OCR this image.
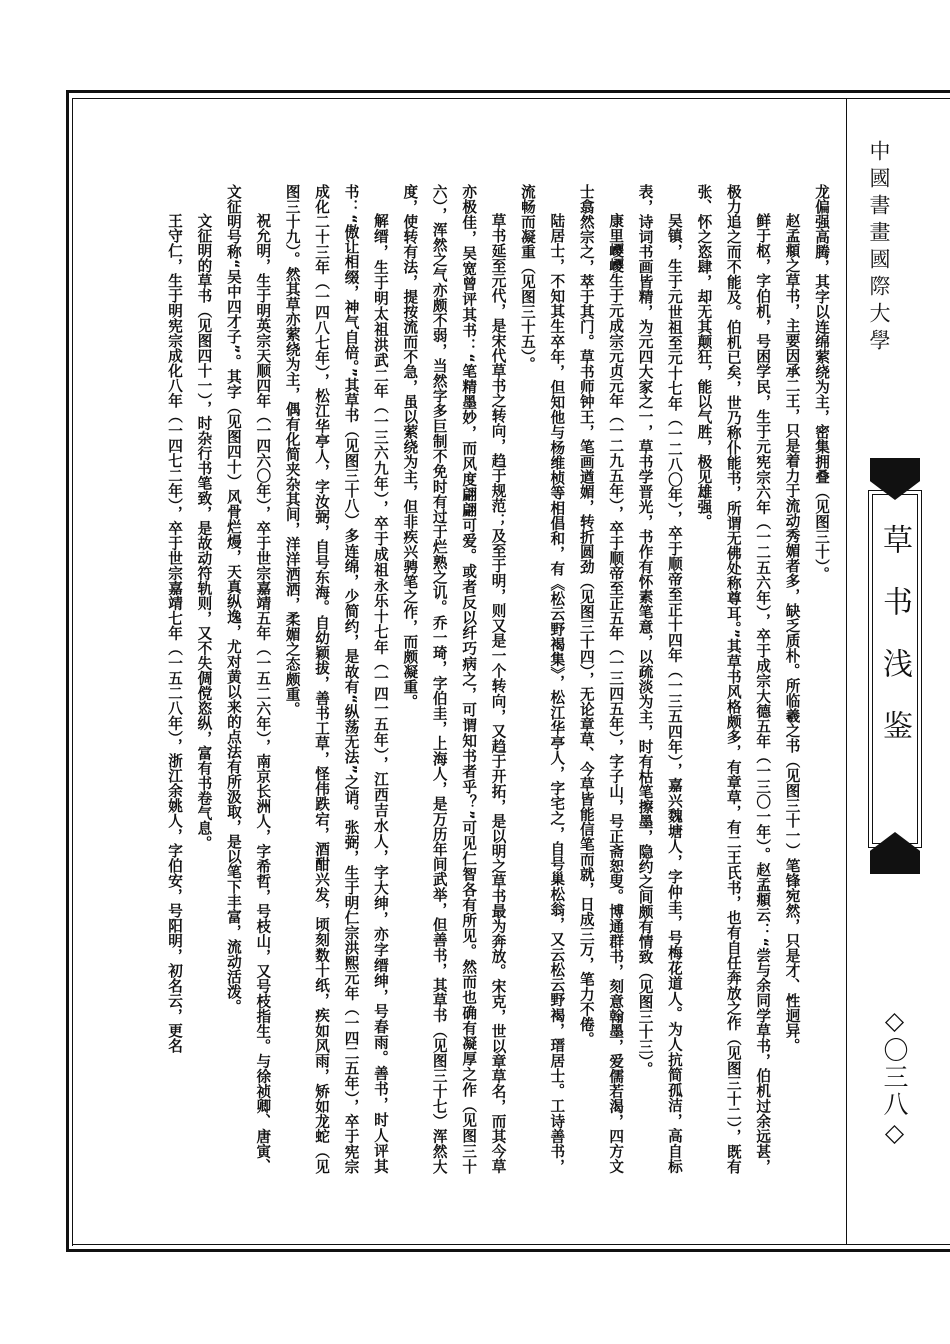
中國書畫國際大學
草书浅鉴
◇〇三八◇

龙偏强高腾，其字以连绵萦绕为主，密集拥叠（见图三十）。

赵孟頫之草书，主要因承二王，只是着力于流动秀媚者多，缺乏质朴。所临羲之书（见图三十一）笔锋宛然，只是才、性迥异。

鲜于枢，字伯机，号困学民，生于元宪宗六年（一二五六年），卒于成宗大德五年（一三〇一年）。赵孟頫云：“尝与余同学草书，伯机过余远甚，极力追之而不能及。伯机已矣，世乃称仆能书，所谓无佛处称尊耳。”其草书风格颇多，有章草，有二王氏书，也有自任奔放之作（见图三十二），既有张、怀之恣肆，却无其颠狂，能以气胜，极见雄强。

吴镇，生于元世祖至元十七年（一二八〇年），卒于顺帝至正十四年（一三五四年），嘉兴魏塘人，字仲圭，号梅花道人。为人抗简孤洁，高自标表，诗词书画皆精，为元四大家之一，草书学晋光，书作有怀素笔意，以疏淡为主，时有枯笔擦墨，隐约之间颇有情致（见图三十三）。

康里巎巎生于元成宗元贞元年（一二九五年），卒于顺帝至正五年（一三四五年），字子山，号正斋恕叟。博通群书，刻意翰墨，爱儒若渴，四方文士翕然宗之，萃于其门。草书师钟王，笔画遒媚，转折圆劲（见图三十四），无论章草、今草皆能信笔而就，日成三万，笔力不倦。

陆居士，不知其生卒年，但知他与杨维桢等相倡和，有《松云野褐集》，松江华亭人，字宅之，自号巢松翁，又云松云野褐，瑨居士。工诗善书，流畅而凝重（见图三十五）。

草书延至元代，是宋代草书之转向，趋于规范；及至于明，则又是一个转向，又趋于开拓，是以明之草书最为奔放。宋克，世以章草名，而其今草亦极佳，吴宽曾评其书：“笔精墨妙，而风度翩翩可爱。或者反以纤巧病之，可谓知书者乎？”可见仁智各有所见。然而也确有凝厚之作（见图三十六），浑然之气亦颇不弱，当然字多巨制不免时有过于烂熟之讥。乔一琦，字伯圭，上海人，是万历年间武举，但善书，其草书（见图三十七）浑然大度，使转有法，提按流而不急，虽以萦绕为主，但非疾兴骋笔之作，而颇凝重。

解缙，生于明太祖洪武二年（一三六九年），卒于成祖永乐十七年（一四一五年），江西吉水人，字大绅，亦字缙绅，号春雨。善书，时人评其书：“傲让相缀，神气自倍。”其草书（见图三十八）多连绵，少简约，是故有“纵荡无法”之诮。张弼，生于明仁宗洪熙元年（一四二五年），卒于宪宗成化二十三年（一四八七年），松江华亭人，字汝弼，自号东海。自幼颖拔，善书工草，怪伟跌宕，酒酣兴发，顷刻数十纸，疾如风雨，矫如龙蛇（见图三十九）。然其草亦萦绕为主，偶有化简夹杂其间，洋洋洒洒，柔媚之态颇重。

祝允明，生于明英宗天顺四年（一四六〇年），卒于世宗嘉靖五年（一五二六年），南京长洲人，字希哲，号枝山，又号枝指生。与徐祯卿、唐寅、文征明号称“吴中四才子”。其字（见图四十）风骨烂熳，天真纵逸，尤对黄以来的点法有所汲取，是以笔下丰富，流动活泼。

文征明的草书（见图四十一），时杂行书笔致，是故动符轨则，又不失倜傥恣纵，富有书卷气息。

王守仁，生于明宪宗成化八年（一四七二年），卒于世宗嘉靖七年（一五二八年），浙江余姚人，字伯安，号阳明，初名云，更名
